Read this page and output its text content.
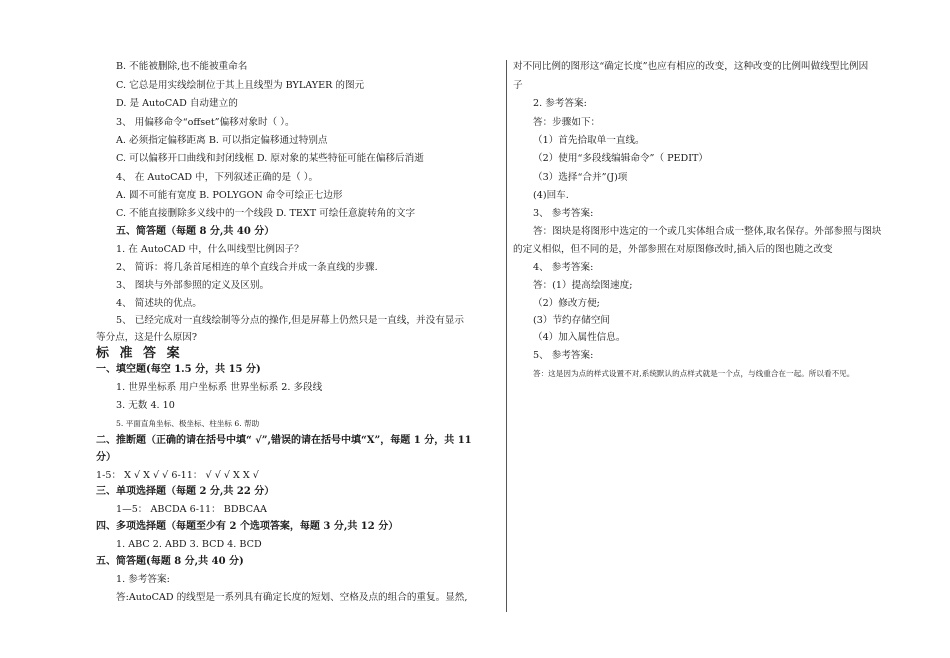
B. 不能被删除,也不能被重命名
C. 它总是用实线绘制位于其上且线型为 BYLAYER 的图元
D. 是 AutoCAD 自动建立的
3、 用偏移命令“offset”偏移对象时（ ）。
A. 必须指定偏移距离 B. 可以指定偏移通过特别点
C. 可以偏移开口曲线和封闭线框 D. 原对象的某些特征可能在偏移后消逝
4、 在 AutoCAD 中，下列叙述正确的是（ ）。
A. 圆不可能有宽度 B. POLYGON 命令可绘正七边形
C. 不能直接删除多义线中的一个线段 D. TEXT 可绘任意旋转角的文字
五、简答题（每题 8 分,共 40 分）
1. 在 AutoCAD 中，什么叫线型比例因子？
2、 简诉：将几条首尾相连的单个直线合并成一条直线的步骤.
3、 图块与外部参照的定义及区别。
4、 简述块的优点。
5、 已经完成对一直线绘制等分点的操作,但是屏幕上仍然只是一直线，并没有显示
等分点，这是什么原因?
标 准 答 案
一、填空题(每空 1.5 分，共 15 分)
1. 世界坐标系 用户坐标系 世界坐标系 2. 多段线
3. 无数 4. 10
5. 平面直角坐标、极坐标、柱坐标 6. 帮助
二、推断题（正确的请在括号中填“ √”,错误的请在括号中填“X”，每题 1 分，共 11
分）
1-5： X √ X √ √ 6-11： √ √ √ X X √
三、单项选择题（每题 2 分,共 22 分）
1—5： ABCDA 6-11： BDBCAA
四、多项选择题（每题至少有 2 个选项答案，每题 3 分,共 12 分）
1. ABC 2. ABD 3. BCD 4. BCD
五、简答题(每题 8 分,共 40 分)
1. 参考答案:
答:AutoCAD 的线型是一系列具有确定长度的短划、空格及点的组合的重复。显然,
对不同比例的图形这“确定长度”也应有相应的改变，这种改变的比例叫做线型比例因
子
2. 参考答案:
答：步骤如下：
（1）首先拾取单一直线。
（2）使用“多段线编辑命令”（ PEDIT）
（3）选择“合并”(J)项
(4)回车.
3、 参考答案:
答：图块是将图形中选定的一个或几实体组合成一整体,取名保存。外部参照与图块
的定义相似，但不同的是，外部参照在对原图修改时,插入后的图也随之改变
4、 参考答案:
答：(1）提高绘图速度;
（2）修改方便;
(3）节约存储空间
（4）加入属性信息。
5、 参考答案:
答：这是因为点的样式设置不对,系统默认的点样式就是一个点，与线重合在一起。所以看不见。
